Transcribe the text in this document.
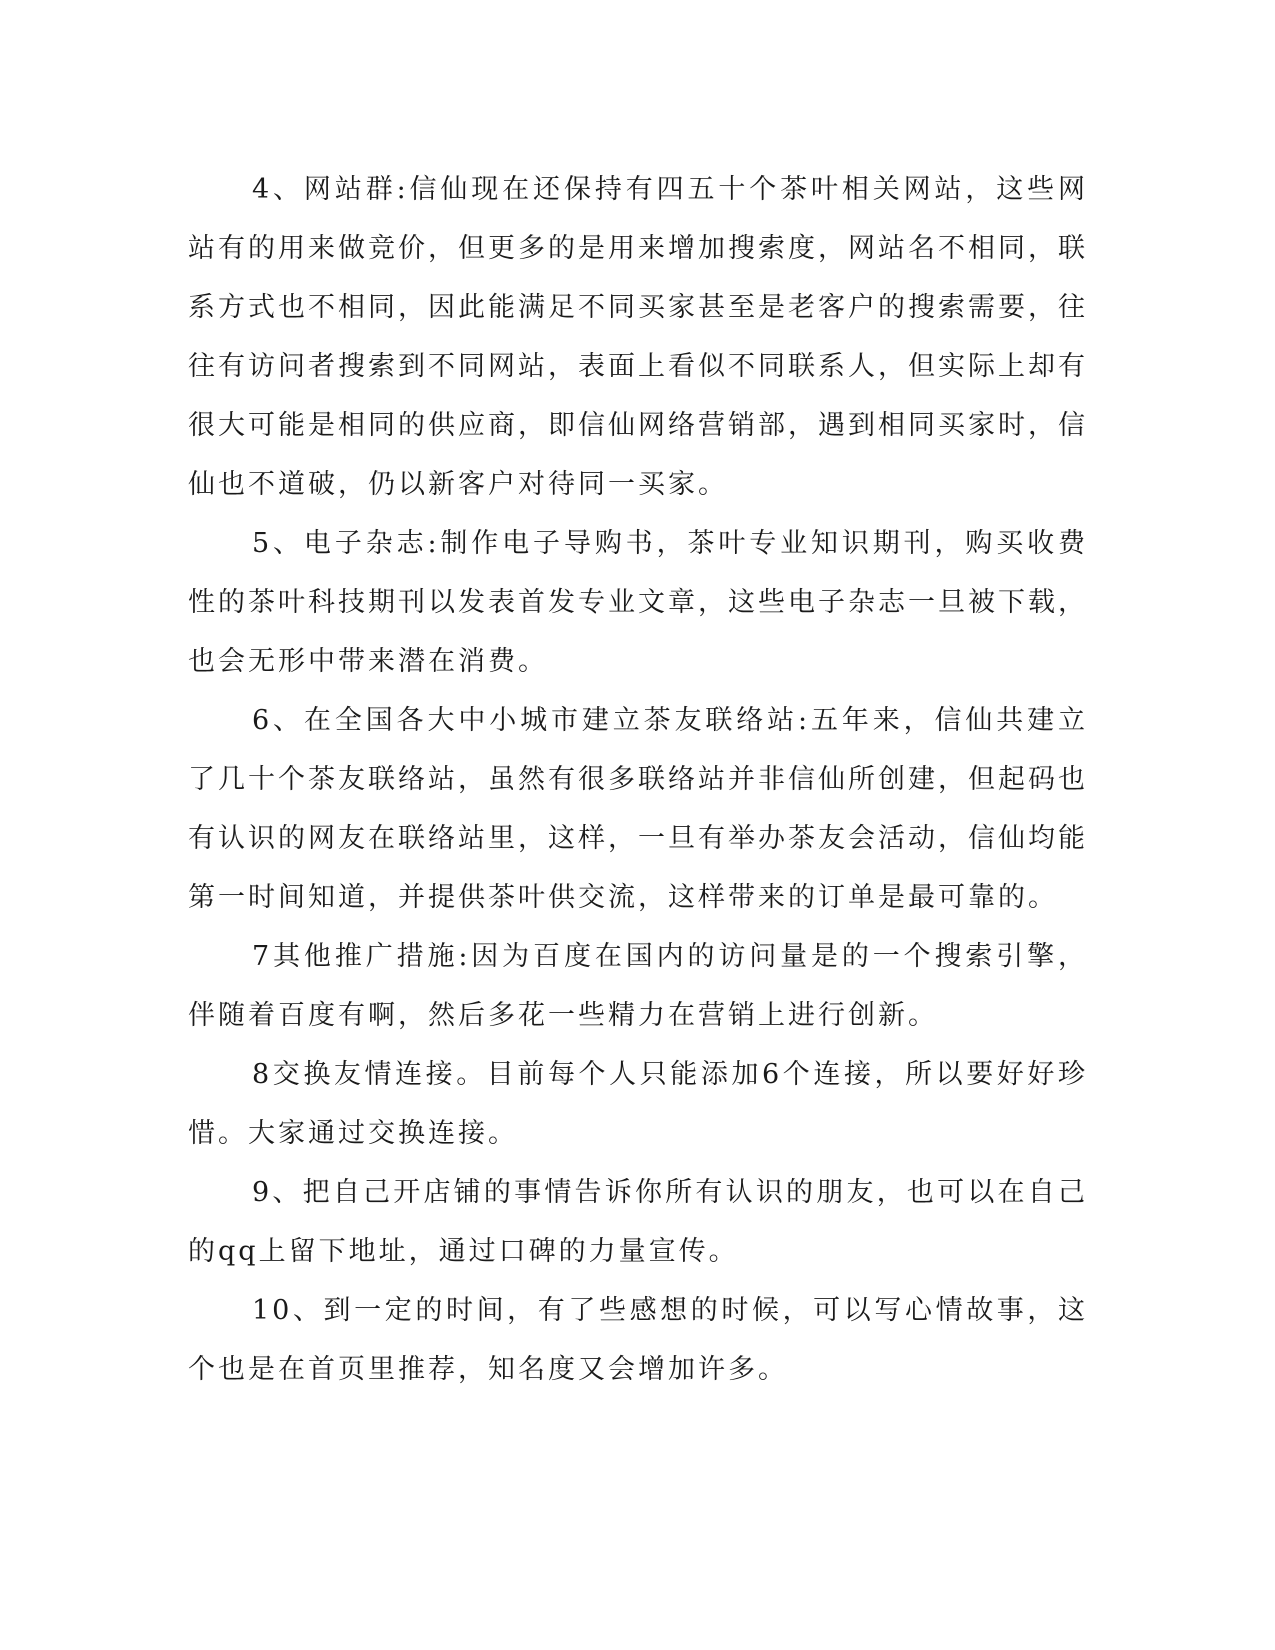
4、网站群:信仙现在还保持有四五十个茶叶相关网站，这些网站有的用来做竞价，但更多的是用来增加搜索度，网站名不相同，联系方式也不相同，因此能满足不同买家甚至是老客户的搜索需要，往往有访问者搜索到不同网站，表面上看似不同联系人，但实际上却有很大可能是相同的供应商，即信仙网络营销部，遇到相同买家时，信仙也不道破，仍以新客户对待同一买家。

5、电子杂志:制作电子导购书，茶叶专业知识期刊，购买收费性的茶叶科技期刊以发表首发专业文章，这些电子杂志一旦被下载，也会无形中带来潜在消费。

6、在全国各大中小城市建立茶友联络站:五年来，信仙共建立了几十个茶友联络站，虽然有很多联络站并非信仙所创建，但起码也有认识的网友在联络站里，这样，一旦有举办茶友会活动，信仙均能第一时间知道，并提供茶叶供交流，这样带来的订单是最可靠的。

7其他推广措施:因为百度在国内的访问量是的一个搜索引擎，伴随着百度有啊，然后多花一些精力在营销上进行创新。

8交换友情连接。目前每个人只能添加6个连接，所以要好好珍惜。大家通过交换连接。

9、把自己开店铺的事情告诉你所有认识的朋友，也可以在自己的qq上留下地址，通过口碑的力量宣传。

10、到一定的时间，有了些感想的时候，可以写心情故事，这个也是在首页里推荐，知名度又会增加许多。
